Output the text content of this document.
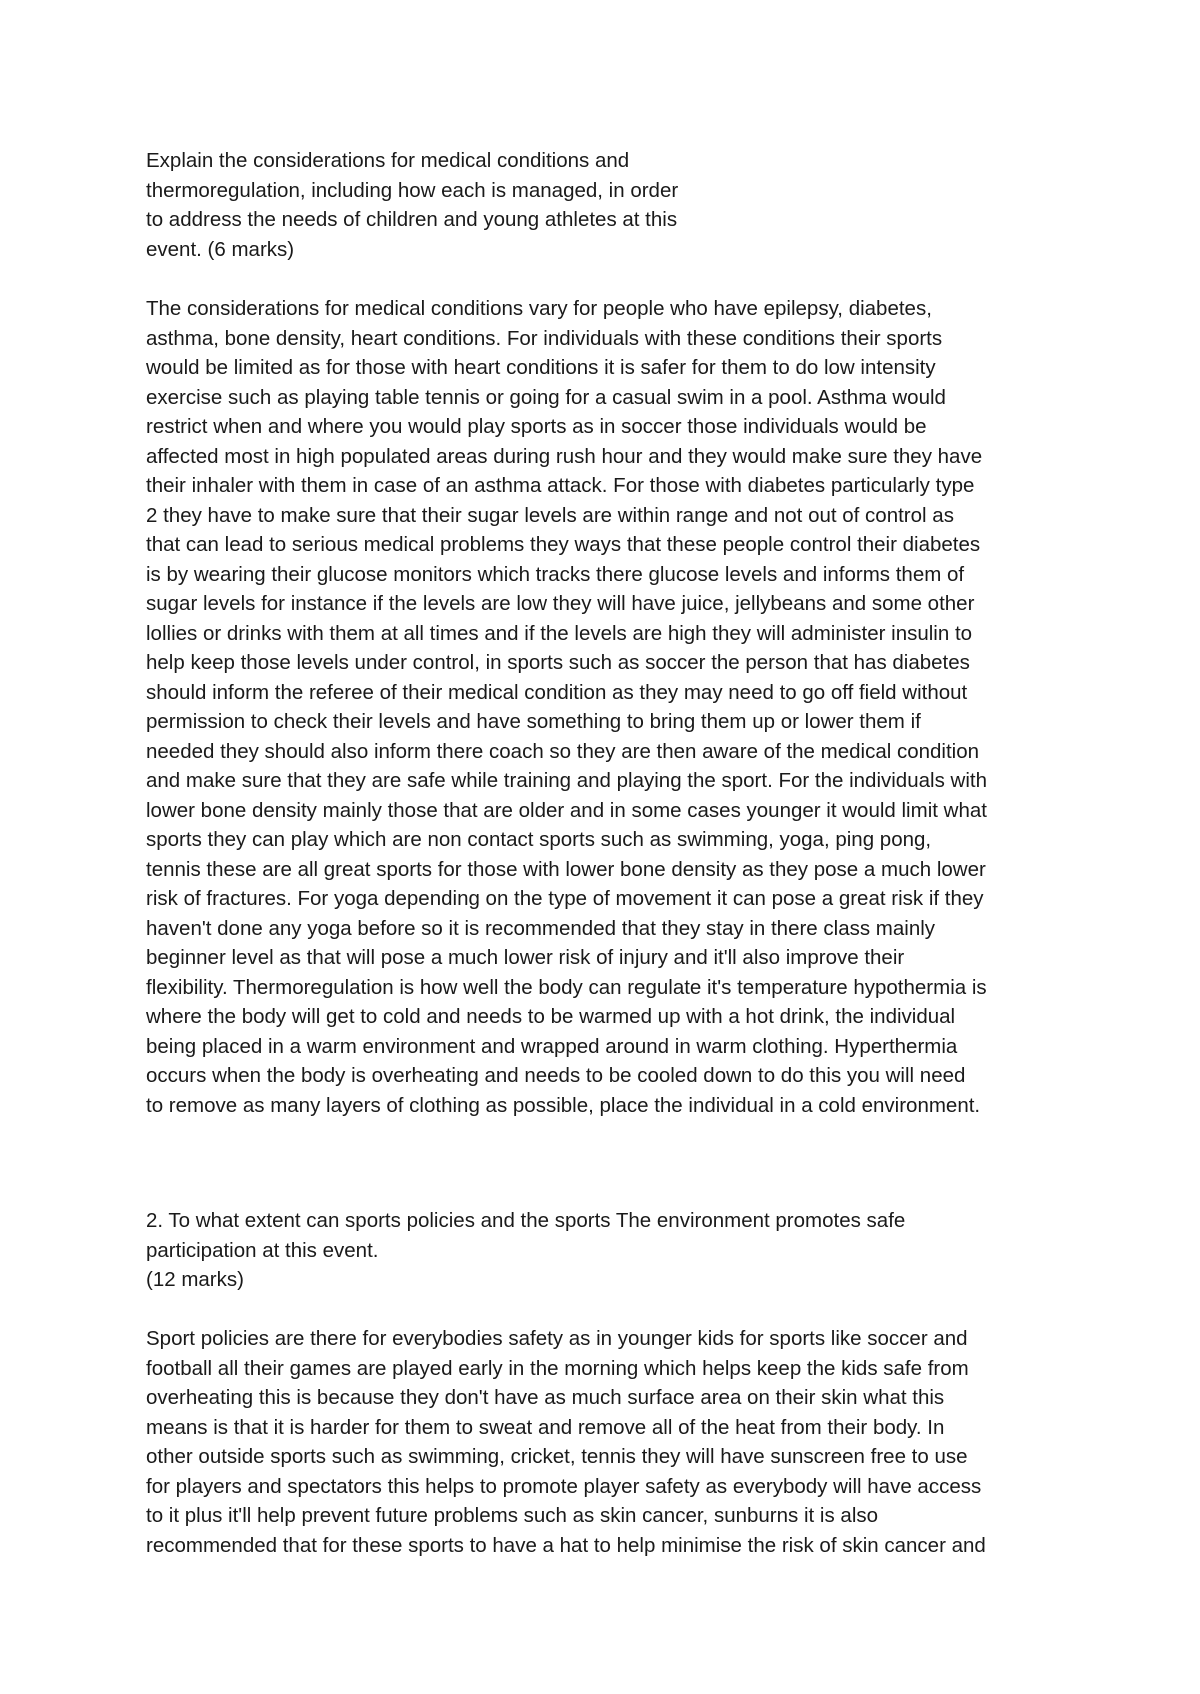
Explain the considerations for medical conditions and
thermoregulation, including how each is managed, in order
to address the needs of children and young athletes at this
event. (6 marks)
The considerations for medical conditions vary for people who have epilepsy, diabetes,
asthma, bone density, heart conditions. For individuals with these conditions their sports
would be limited as for those with heart conditions it is safer for them to do low intensity
exercise such as playing table tennis or going for a casual swim in a pool. Asthma would
restrict when and where you would play sports as in soccer those individuals would be
affected most in high populated areas during rush hour and they would make sure they have
their inhaler with them in case of an asthma attack. For those with diabetes particularly type
2 they have to make sure that their sugar levels are within range and not out of control as
that can lead to serious medical problems they ways that these people control their diabetes
is by wearing their glucose monitors which tracks there glucose levels and informs them of
sugar levels for instance if the levels are low they will have juice, jellybeans and some other
lollies or drinks with them at all times and if the levels are high they will administer insulin to
help keep those levels under control, in sports such as soccer the person that has diabetes
should inform the referee of their medical condition as they may need to go off field without
permission to check their levels and have something to bring them up or lower them if
needed they should also inform there coach so they are then aware of the medical condition
and make sure that they are safe while training and playing the sport. For the individuals with
lower bone density mainly those that are older and in some cases younger it would limit what
sports they can play which are non contact sports such as swimming, yoga, ping pong,
tennis these are all great sports for those with lower bone density as they pose a much lower
risk of fractures. For yoga depending on the type of movement it can pose a great risk if they
haven't done any yoga before so it is recommended that they stay in there class mainly
beginner level as that will pose a much lower risk of injury and it'll also improve their
flexibility. Thermoregulation is how well the body can regulate it's temperature hypothermia is
where the body will get to cold and needs to be warmed up with a hot drink, the individual
being placed in a warm environment and wrapped around in warm clothing. Hyperthermia
occurs when the body is overheating and needs to be cooled down to do this you will need
to remove as many layers of clothing as possible, place the individual in a cold environment.
2. To what extent can sports policies and the sports The environment promotes safe
participation at this event.
(12 marks)
Sport policies are there for everybodies safety as in younger kids for sports like soccer and
football all their games are played early in the morning which helps keep the kids safe from
overheating this is because they don't have as much surface area on their skin what this
means is that it is harder for them to sweat and remove all of the heat from their body. In
other outside sports such as swimming, cricket, tennis they will have sunscreen free to use
for players and spectators this helps to promote player safety as everybody will have access
to it plus it'll help prevent future problems such as skin cancer, sunburns it is also
recommended that for these sports to have a hat to help minimise the risk of skin cancer and
